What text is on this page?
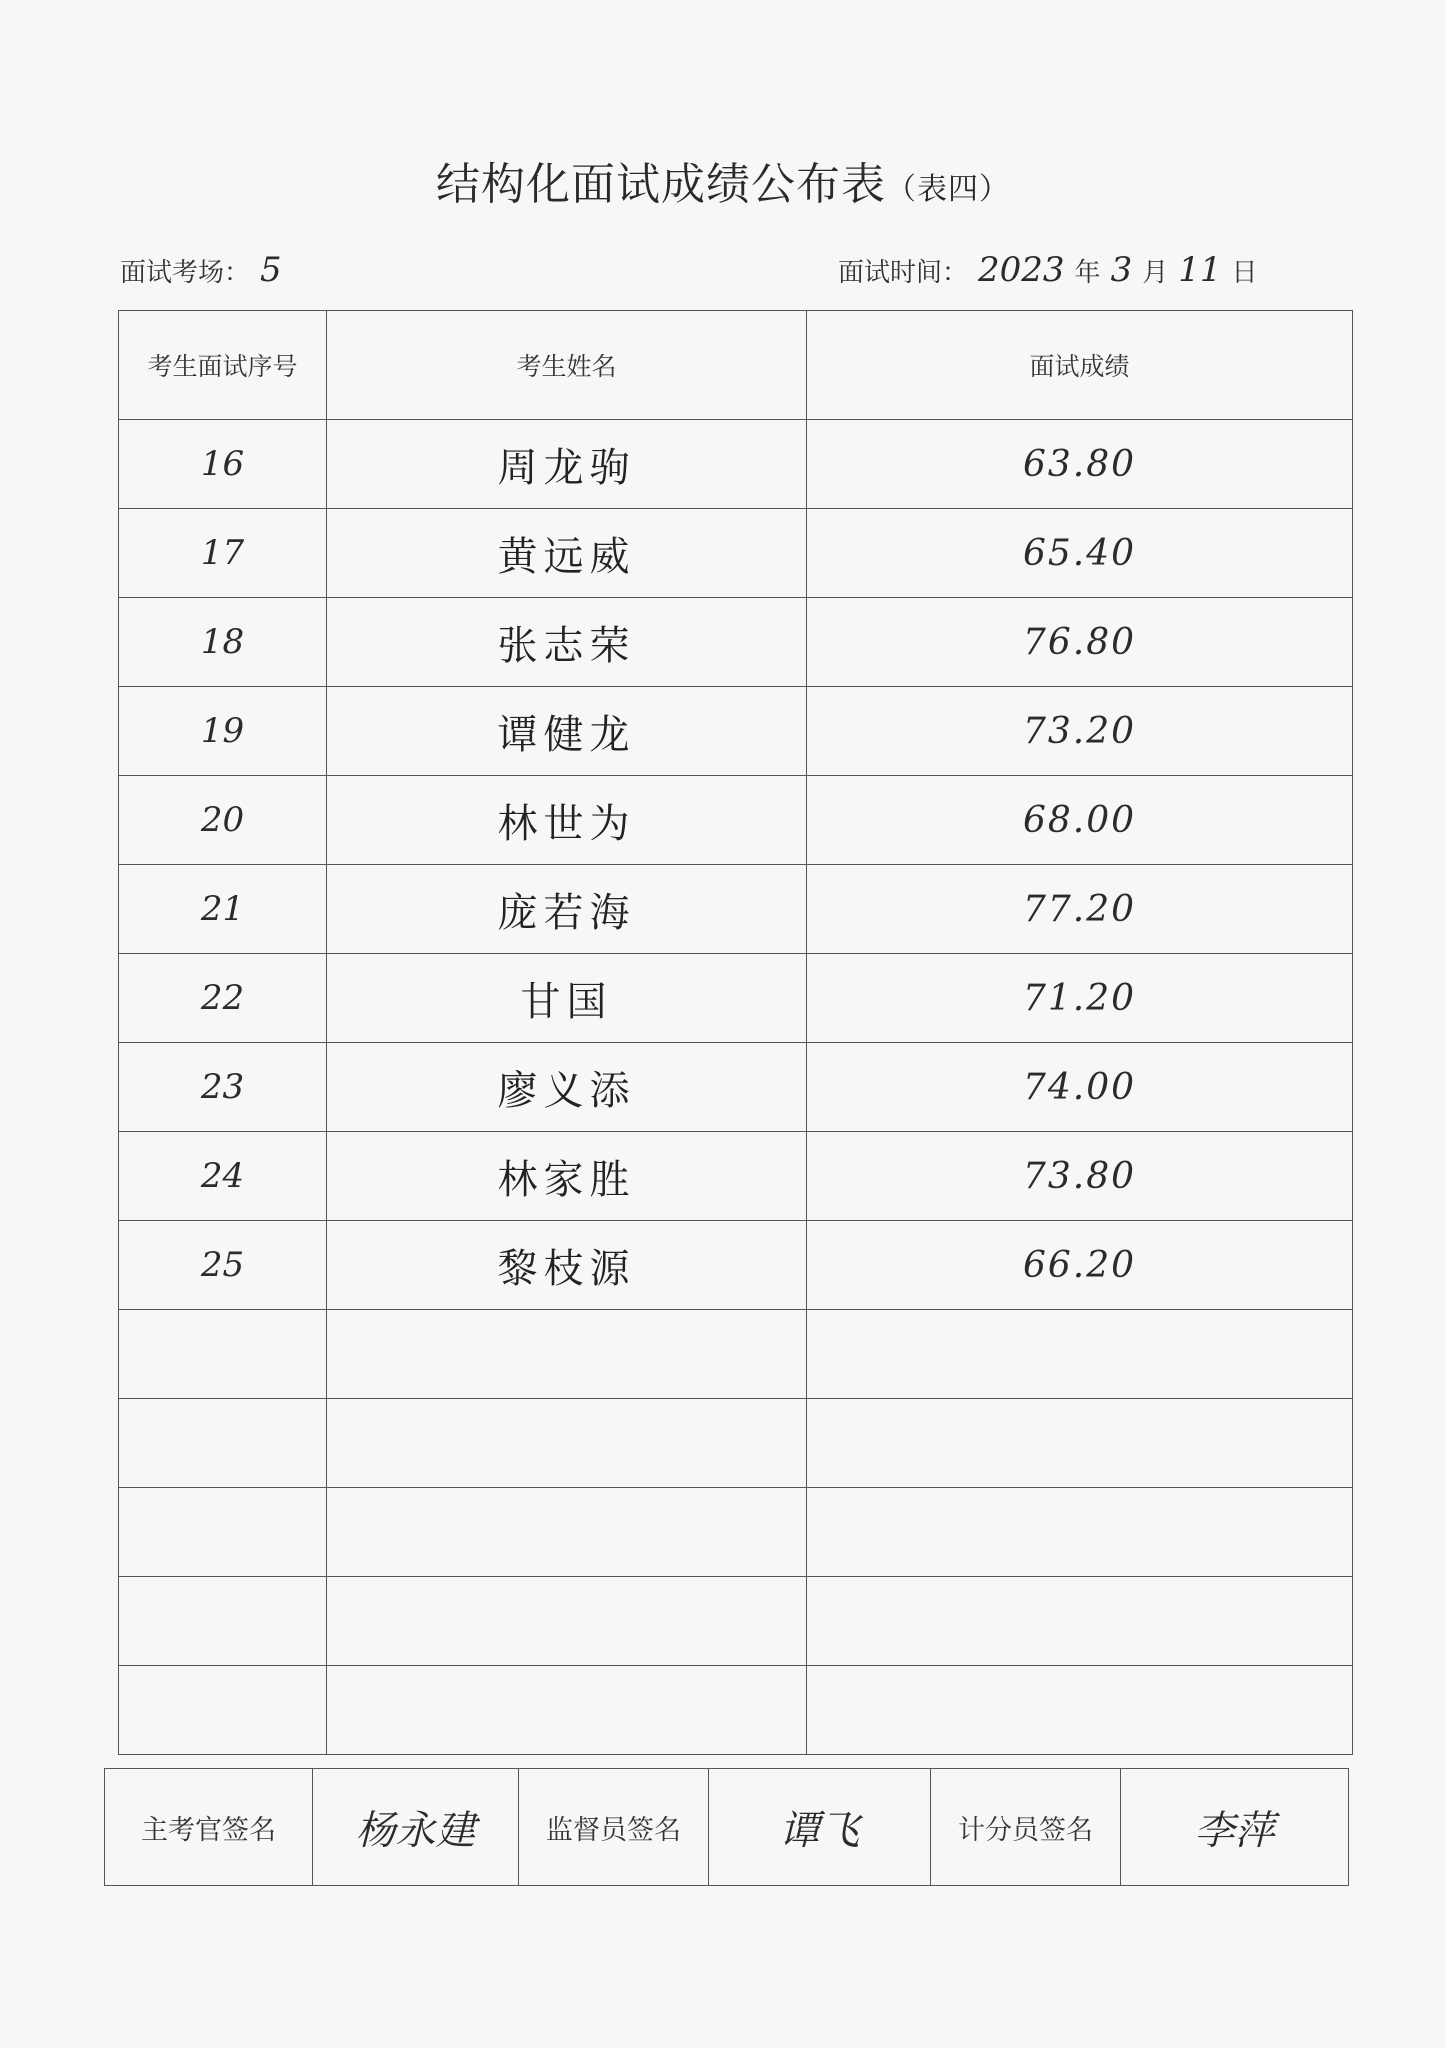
结构化面试成绩公布表（表四）
面试考场： 5	面试时间： 2023 年 3 月 11 日
考生面试序号	考生姓名	面试成绩
16	周龙驹	63.80
17	黄远威	65.40
18	张志荣	76.80
19	谭健龙	73.20
20	林世为	68.00
21	庞若海	77.20
22	甘国	71.20
23	廖义添	74.00
24	林家胜	73.80
25	黎枝源	66.20

主考官签名	杨永建	监督员签名	谭飞	计分员签名	李萍
